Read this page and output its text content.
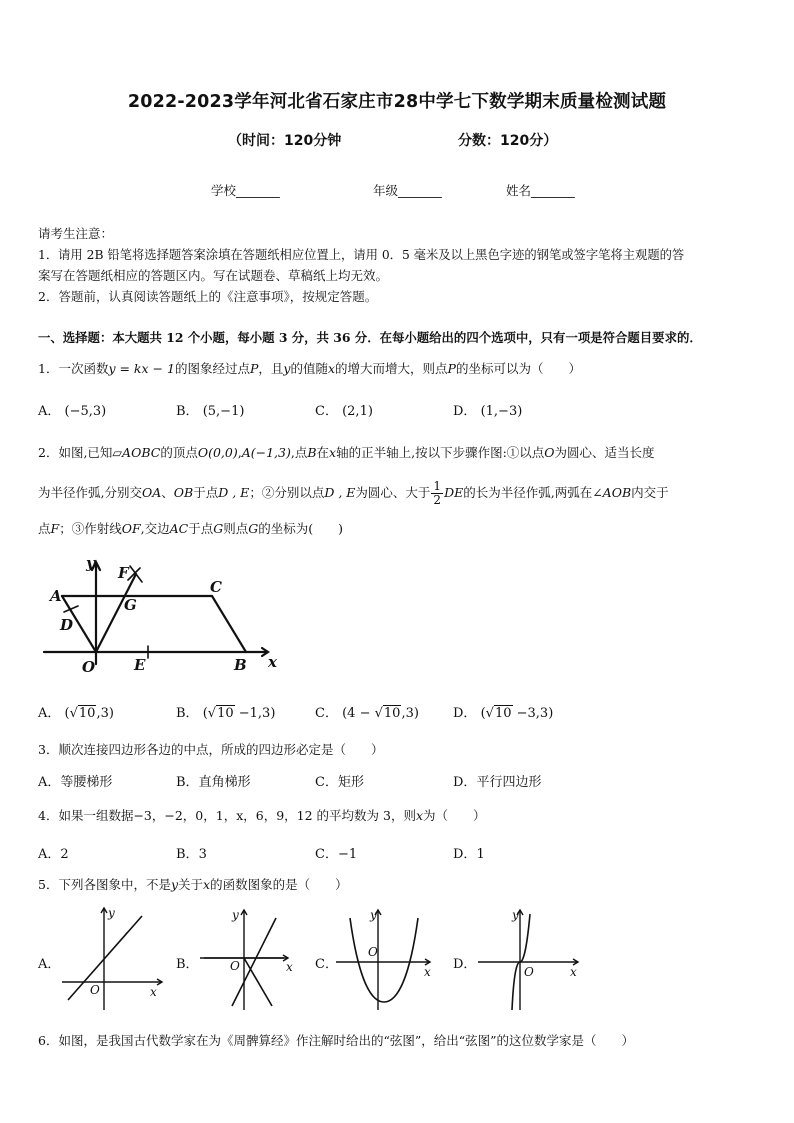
2022-2023学年河北省石家庄市28中学七下数学期末质量检测试题
（时间：120分钟	分数：120分）
学校_______	年级_______	姓名_______
请考生注意：
1．请用 2B 铅笔将选择题答案涂填在答题纸相应位置上，请用 0．5 毫米及以上黑色字迹的钢笔或签字笔将主观题的答
案写在答题纸相应的答题区内。写在试题卷、草稿纸上均无效。
2．答题前，认真阅读答题纸上的《注意事项》，按规定答题。
一、选择题：本大题共 12 个小题，每小题 3 分，共 36 分．在每小题给出的四个选项中，只有一项是符合题目要求的．
1．一次函数y = kx − 1的图象经过点P，且y的值随x的增大而增大，则点P的坐标可以为（　　）
A． (−5,3)	B． (5,−1)	C． (2,1)	D． (1,−3)
2．如图,已知▱AOBC的顶点O(0,0),A(−1,3),点B在x轴的正半轴上,按以下步骤作图:①以点O为圆心、适当长度
为半径作弧,分别交OA、OB于点D , E；②分别以点D , E为圆心、大于 $\frac{1}{2}$ DE的长为半径作弧,两弧在∠AOB内交于
点F；③作射线OF,交边AC于点G则点G的坐标为(　　)
y
x
A
F
C
G
D
O	E	B
A． (√10,3)	B． (√10 −1,3)	C． (4 − √10,3)	D． (√10 −3,3)
3．顺次连接四边形各边的中点，所成的四边形必定是（　　）
A．等腰梯形	B．直角梯形	C．矩形	D．平行四边形
4．如果一组数据−3，−2，0，1，x，6，9，12 的平均数为 3，则x为（　　）
A．2	B．3	C．−1	D．1
5．下列各图象中，不是y关于x的函数图象的是（　　）
A．
y
x
O
B．
y
x
O	C．
y
x
O
D．
y
x
O
6．如图，是我国古代数学家在为《周髀算经》作注解时给出的“弦图”，给出“弦图”的这位数学家是（　　）
